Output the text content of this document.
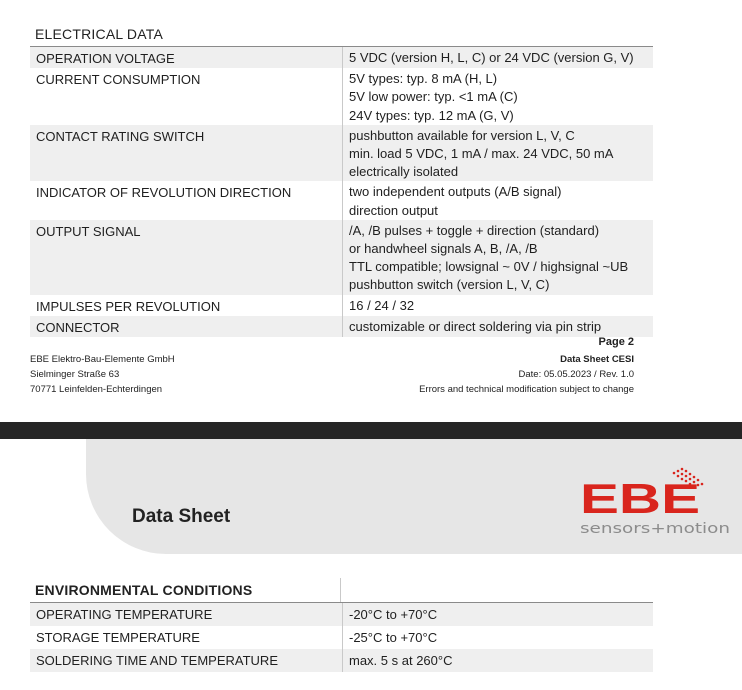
ELECTRICAL DATA
OPERATION VOLTAGE	5 VDC (version H, L, C) or 24 VDC (version G, V)

CURRENT CONSUMPTION	5V types: typ. 8 mA (H, L)
5V low power: typ. <1 mA (C)
24V types: typ. 12 mA (G, V)

CONTACT RATING SWITCH	pushbutton available for version L, V, C
min. load 5 VDC, 1 mA / max. 24 VDC, 50 mA
electrically isolated

INDICATOR OF REVOLUTION DIRECTION	two independent outputs (A/B signal)
direction output

OUTPUT SIGNAL	/A, /B pulses + toggle + direction (standard)
or handwheel signals A, B, /A, /B
TTL compatible; lowsignal ~ 0V / highsignal ~UB
pushbutton switch (version L, V, C)

IMPULSES PER REVOLUTION	16 / 24 / 32

CONNECTOR	customizable or direct soldering via pin strip
Page 2
EBE Elektro-Bau-Elemente GmbH
Sielminger Straße 63
70771 Leinfelden-Echterdingen
Data Sheet CESI
Date: 05.05.2023 / Rev. 1.0
Errors and technical modification subject to change
Data Sheet	EBE
sensors+motion
ENVIRONMENTAL CONDITIONS
OPERATING TEMPERATURE	-20°C to +70°C
STORAGE TEMPERATURE	-25°C to +70°C
SOLDERING TIME AND TEMPERATURE	max. 5 s at 260°C
